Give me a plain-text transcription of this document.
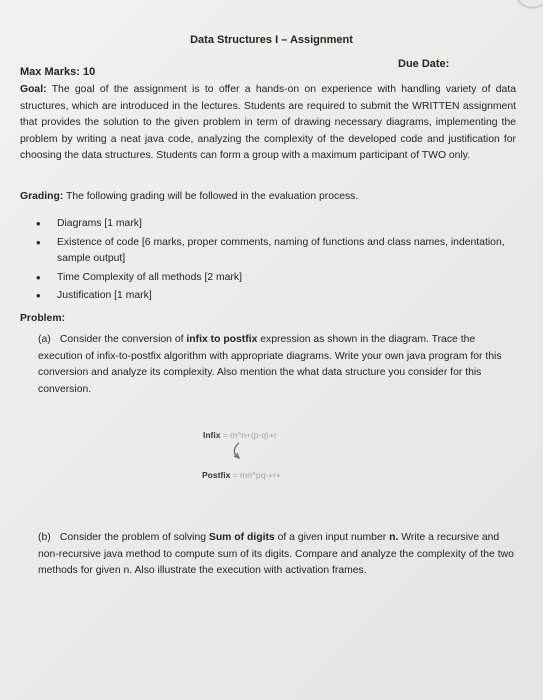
Data Structures I – Assignment
Due Date:
Max Marks: 10
Goal: The goal of the assignment is to offer a hands-on on experience with handling variety of data structures, which are introduced in the lectures. Students are required to submit the WRITTEN assignment that provides the solution to the given problem in term of drawing necessary diagrams, implementing the problem by writing a neat java code, analyzing the complexity of the developed code and justification for choosing the data structures. Students can form a group with a maximum participant of TWO only.
Grading: The following grading will be followed in the evaluation process.
• Diagrams [1 mark]
• Existence of code [6 marks, proper comments, naming of functions and class names, indentation, sample output]
• Time Complexity of all methods [2 mark]
• Justification [1 mark]
Problem:
(a) Consider the conversion of infix to postfix expression as shown in the diagram. Trace the execution of infix-to-postfix algorithm with appropriate diagrams. Write your own java program for this conversion and analyze its complexity. Also mention the what data structure you consider for this conversion.
Infix = m^n+(p-q)+r
Postfix = mn^pq-+r+
(b) Consider the problem of solving Sum of digits of a given input number n. Write a recursive and non-recursive java method to compute sum of its digits. Compare and analyze the complexity of the two methods for given n. Also illustrate the execution with activation frames.
